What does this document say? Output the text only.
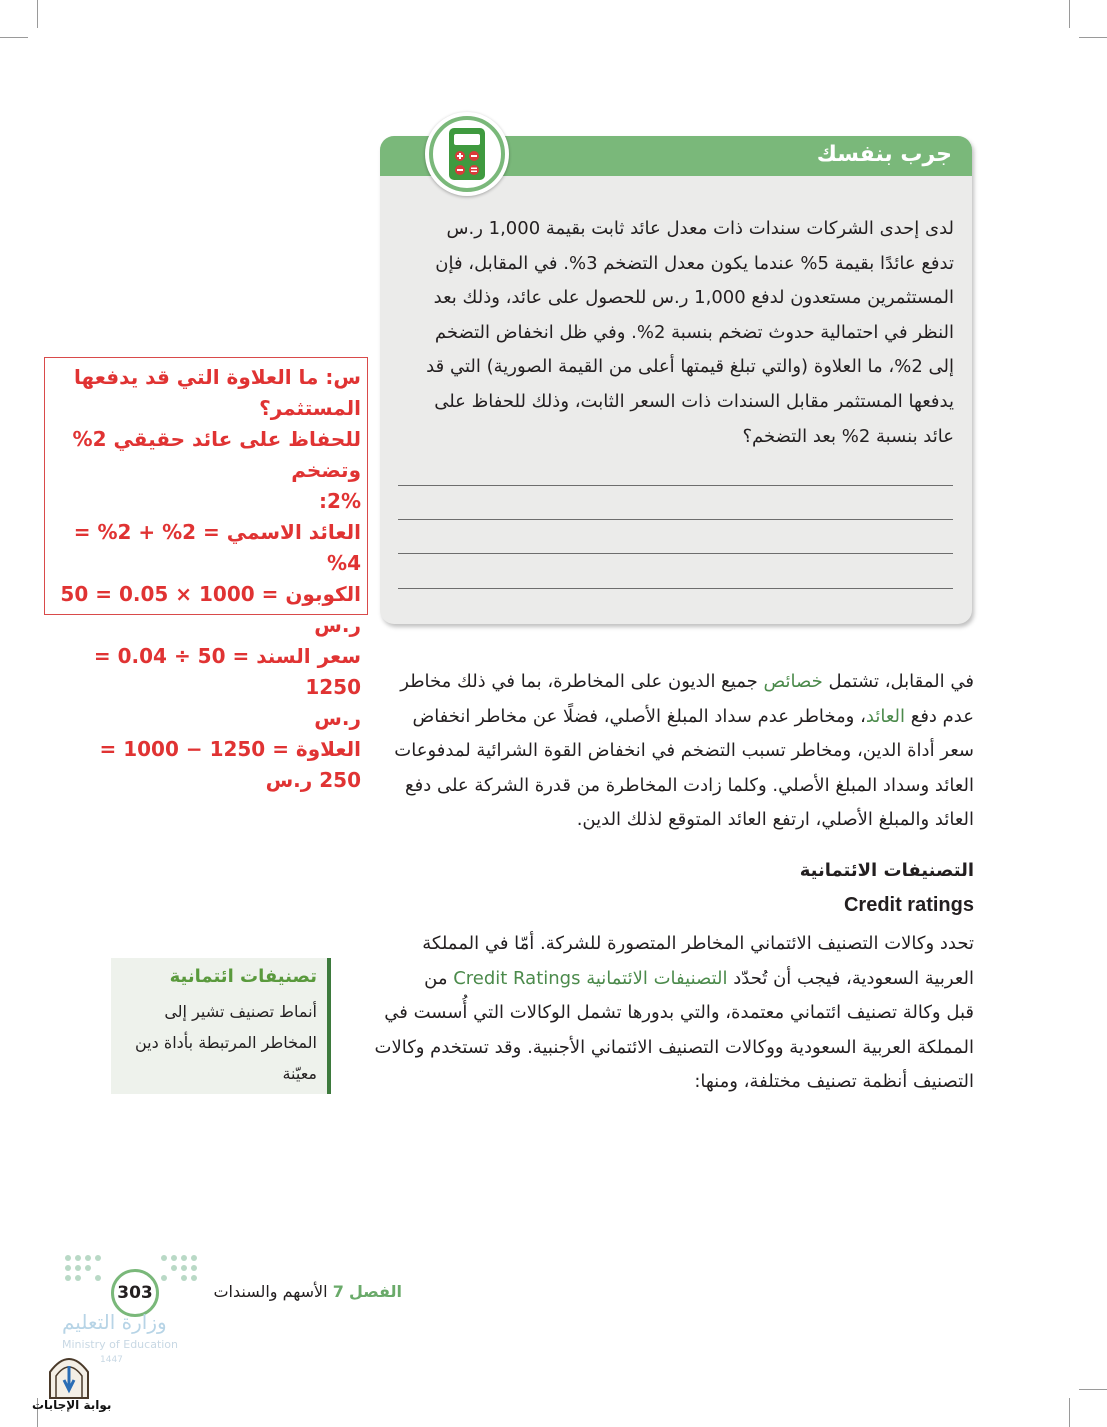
جرب بنفسك
لدى إحدى الشركات سندات ذات معدل عائد ثابت بقيمة 1,000 ر.س
تدفع عائدًا بقيمة 5% عندما يكون معدل التضخم 3%. في المقابل، فإن
المستثمرين مستعدون لدفع 1,000 ر.س للحصول على عائد، وذلك بعد
النظر في احتمالية حدوث تضخم بنسبة 2%. وفي ظل انخفاض التضخم
إلى 2%، ما العلاوة (والتي تبلغ قيمتها أعلى من القيمة الصورية) التي قد
يدفعها المستثمر مقابل السندات ذات السعر الثابت، وذلك للحفاظ على
عائد بنسبة 2% بعد التضخم؟
س: ما العلاوة التي قد يدفعها المستثمر؟
للحفاظ على عائد حقيقي 2% وتضخم
2%:
العائد الاسمي = 2% + 2% = 4%
الكوبون = 1000 × 0.05 = 50 ر.س
سعر السند = 50 ÷ 0.04 = 1250
ر.س
العلاوة = 1250 − 1000 = 250 ر.س
في المقابل، تشتمل خصائص جميع الديون على المخاطرة، بما في ذلك مخاطر
عدم دفع العائد، ومخاطر عدم سداد المبلغ الأصلي، فضلًا عن مخاطر انخفاض
سعر أداة الدين، ومخاطر تسبب التضخم في انخفاض القوة الشرائية لمدفوعات
العائد وسداد المبلغ الأصلي. وكلما زادت المخاطرة من قدرة الشركة على دفع
العائد والمبلغ الأصلي، ارتفع العائد المتوقع لذلك الدين.
التصنيفات الائتمانية
Credit ratings
تحدد وكالات التصنيف الائتماني المخاطر المتصورة للشركة. أمّا في المملكة
العربية السعودية، فيجب أن تُحدّد التصنيفات الائتمانية Credit Ratings من
قبل وكالة تصنيف ائتماني معتمدة، والتي بدورها تشمل الوكالات التي أُسست في
المملكة العربية السعودية ووكالات التصنيف الائتماني الأجنبية. وقد تستخدم وكالات
التصنيف أنظمة تصنيف مختلفة، ومنها:
تصنيفات ائتمانية
أنماط تصنيف تشير إلى
المخاطر المرتبطة بأداة دين
معيّنة
303	الفصل 7 الأسهم والسندات
وزارة التعليم
Ministry of Education
1447
بوابة الإجابات
